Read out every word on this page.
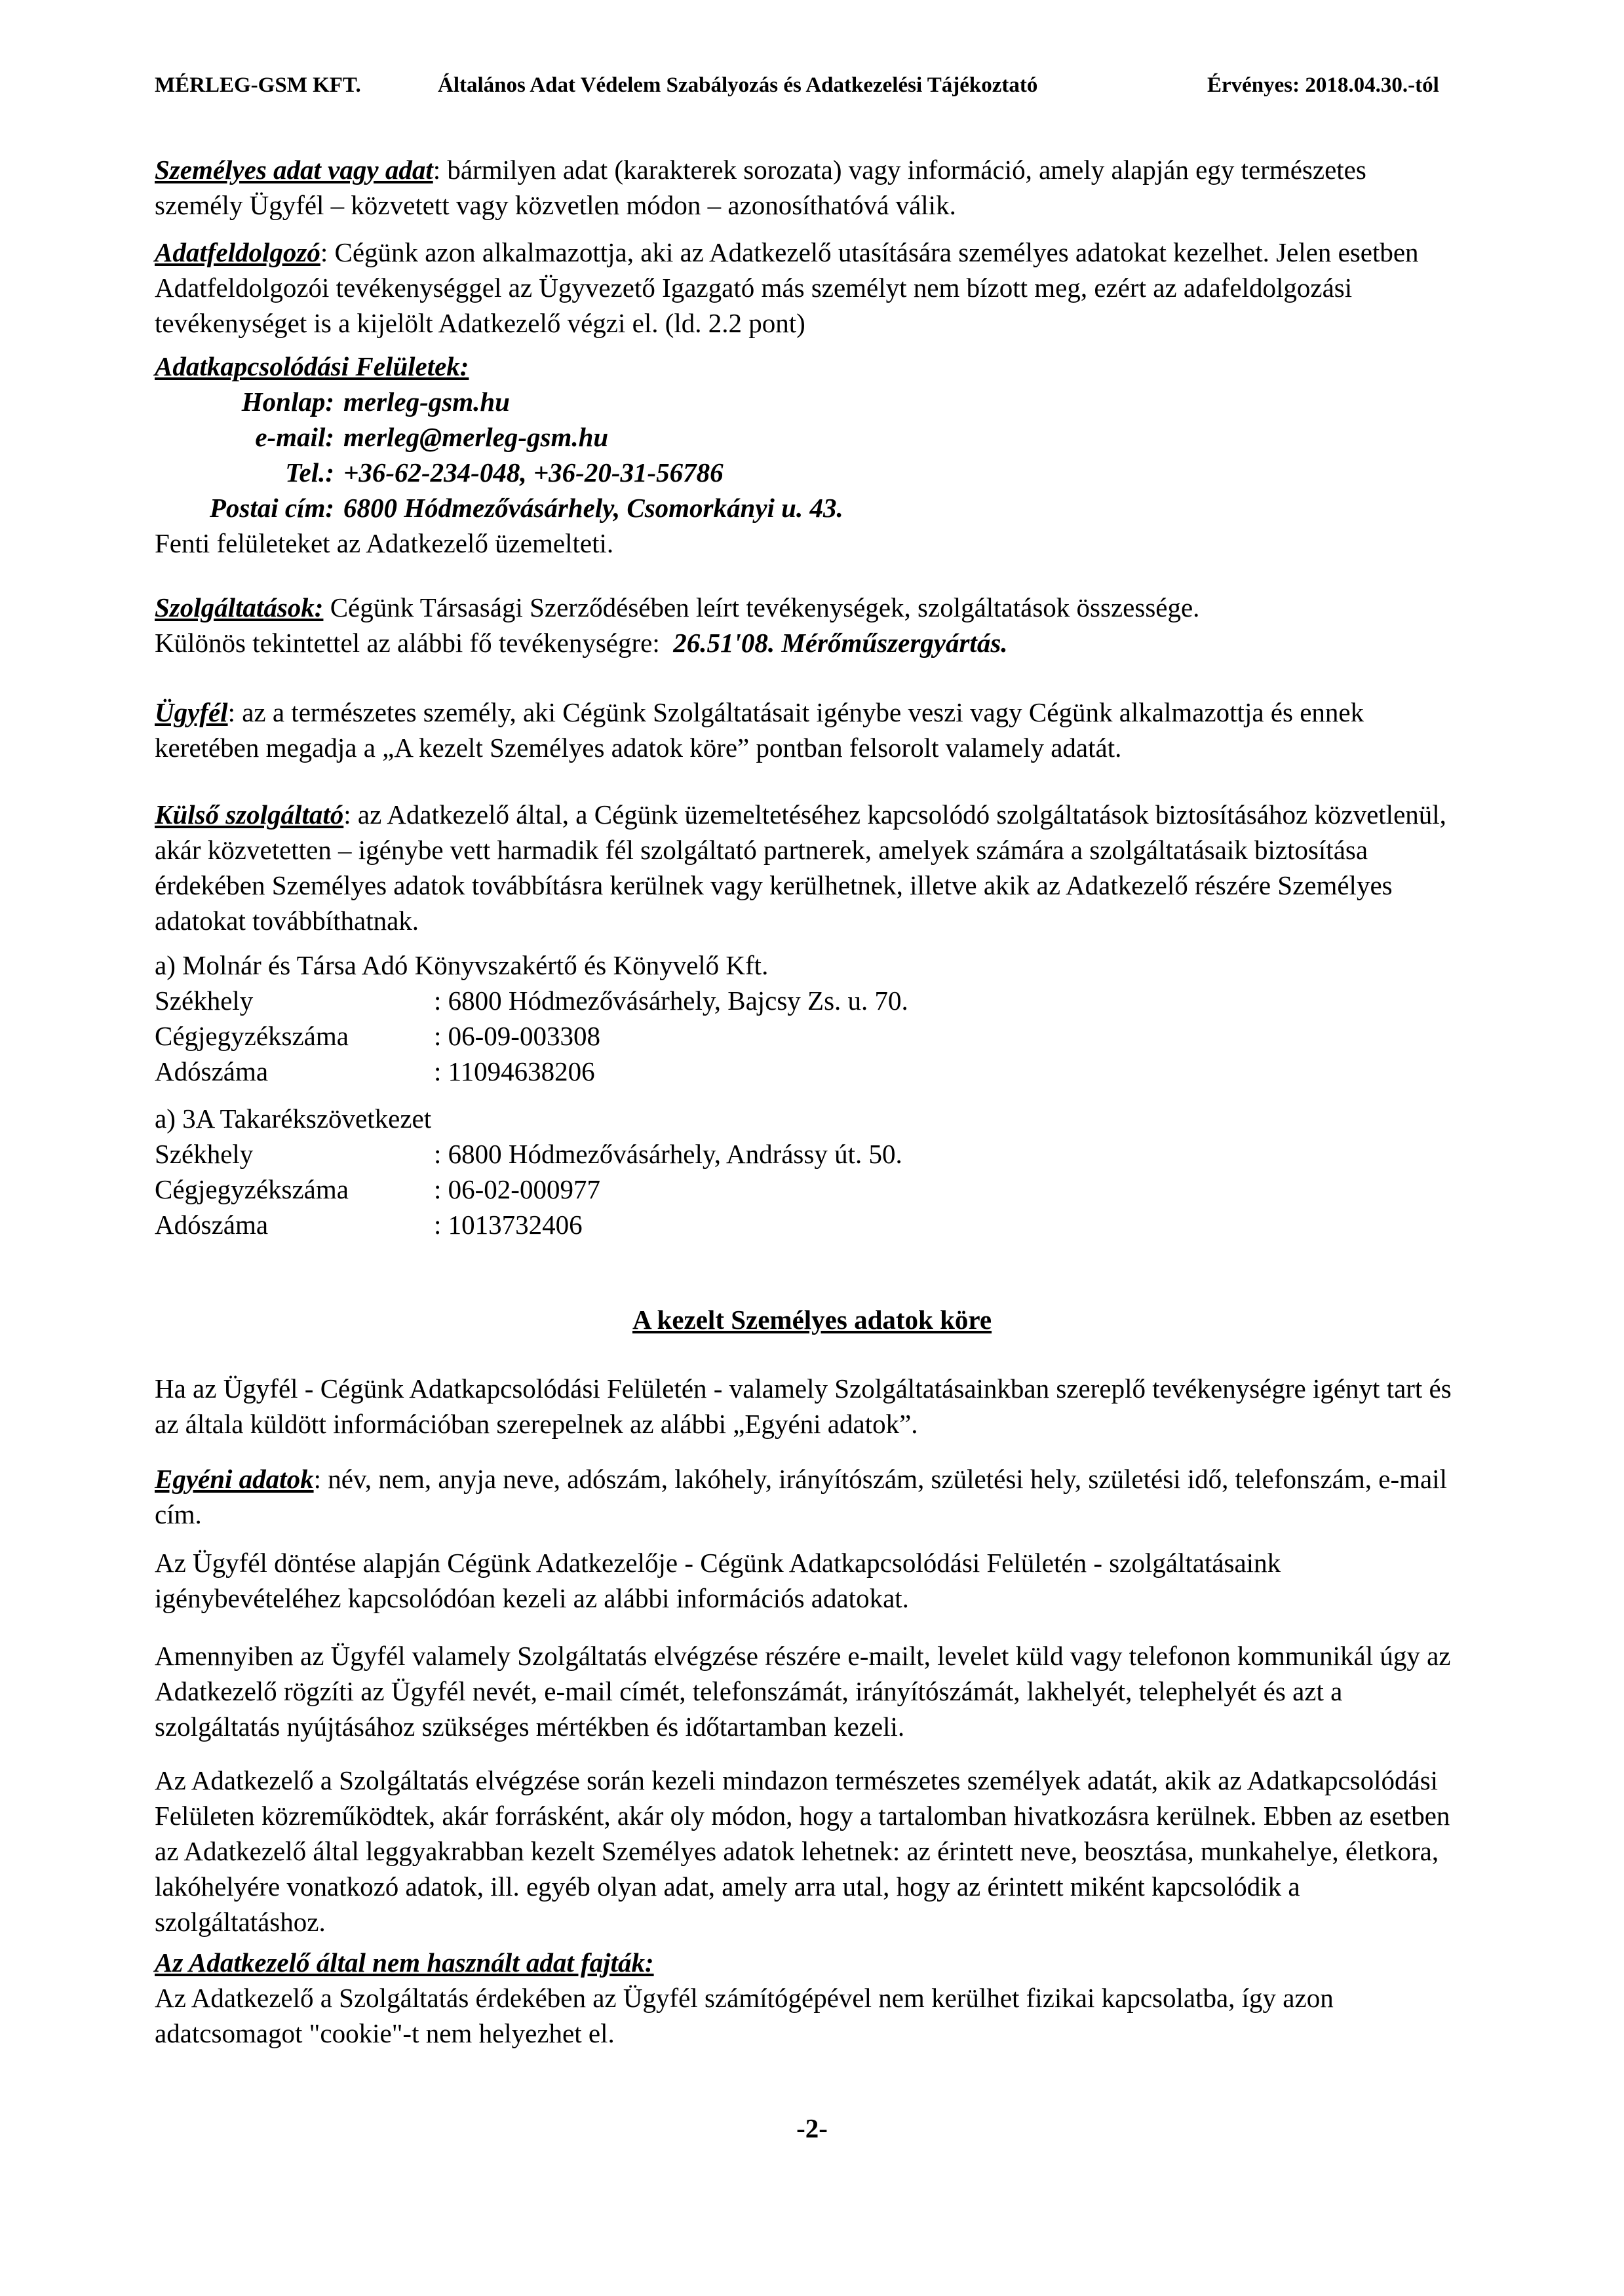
MÉRLEG-GSM KFT.	Általános Adat Védelem Szabályozás és Adatkezelési Tájékoztató	Érvényes: 2018.04.30.-tól

Személyes adat vagy adat: bármilyen adat (karakterek sorozata) vagy információ, amely alapján egy természetes személy Ügyfél – közvetett vagy közvetlen módon – azonosíthatóvá válik.

Adatfeldolgozó: Cégünk azon alkalmazottja, aki az Adatkezelő utasítására személyes adatokat kezelhet. Jelen esetben Adatfeldolgozói tevékenységgel az Ügyvezető Igazgató más személyt nem bízott meg, ezért az adafeldolgozási tevékenységet is a kijelölt Adatkezelő végzi el. (ld. 2.2 pont)

Adatkapcsolódási Felületek:

Honlap: merleg-gsm.hu
e-mail: merleg@merleg-gsm.hu
Tel.: +36-62-234-048, +36-20-31-56786
Postai cím: 6800 Hódmezővásárhely, Csomorkányi u. 43.

Fenti felületeket az Adatkezelő üzemelteti.

Szolgáltatások: Cégünk Társasági Szerződésében leírt tevékenységek, szolgáltatások összessége.

Különös tekintettel az alábbi fő tevékenységre: 26.51'08. Mérőműszergyártás.

Ügyfél: az a természetes személy, aki Cégünk Szolgáltatásait igénybe veszi vagy Cégünk alkalmazottja és ennek keretében megadja a „A kezelt Személyes adatok köre” pontban felsorolt valamely adatát.

Külső szolgáltató: az Adatkezelő által, a Cégünk üzemeltetéséhez kapcsolódó szolgáltatások biztosításához közvetlenül, akár közvetetten – igénybe vett harmadik fél szolgáltató partnerek, amelyek számára a szolgáltatásaik biztosítása érdekében Személyes adatok továbbításra kerülnek vagy kerülhetnek, illetve akik az Adatkezelő részére Személyes adatokat továbbíthatnak.

a) Molnár és Társa Adó Könyvszakértő és Könyvelő Kft.
Székhely	: 6800 Hódmezővásárhely, Bajcsy Zs. u. 70.
Cégjegyzékszáma	: 06-09-003308
Adószáma	: 11094638206
a) 3A Takarékszövetkezet
Székhely	: 6800 Hódmezővásárhely, Andrássy út. 50.
Cégjegyzékszáma	: 06-02-000977
Adószáma	: 1013732406
A kezelt Személyes adatok köre

Ha az Ügyfél - Cégünk Adatkapcsolódási Felületén - valamely Szolgáltatásainkban szereplő tevékenységre igényt tart és az általa küldött információban szerepelnek az alábbi „Egyéni adatok”.

Egyéni adatok: név, nem, anyja neve, adószám, lakóhely, irányítószám, születési hely, születési idő, telefonszám, e-mail cím.

Az Ügyfél döntése alapján Cégünk Adatkezelője - Cégünk Adatkapcsolódási Felületén - szolgáltatásaink igénybevételéhez kapcsolódóan kezeli az alábbi információs adatokat.

Amennyiben az Ügyfél valamely Szolgáltatás elvégzése részére e-mailt, levelet küld vagy telefonon kommunikál úgy az Adatkezelő rögzíti az Ügyfél nevét, e-mail címét, telefonszámát, irányítószámát, lakhelyét, telephelyét és azt a szolgáltatás nyújtásához szükséges mértékben és időtartamban kezeli.

Az Adatkezelő a Szolgáltatás elvégzése során kezeli mindazon természetes személyek adatát, akik az Adatkapcsolódási Felületen közreműködtek, akár forrásként, akár oly módon, hogy a tartalomban hivatkozásra kerülnek. Ebben az esetben az Adatkezelő által leggyakrabban kezelt Személyes adatok lehetnek: az érintett neve, beosztása, munkahelye, életkora, lakóhelyére vonatkozó adatok, ill. egyéb olyan adat, amely arra utal, hogy az érintett miként kapcsolódik a szolgáltatáshoz.

Az Adatkezelő által nem használt adat fajták:

Az Adatkezelő a Szolgáltatás érdekében az Ügyfél számítógépével nem kerülhet fizikai kapcsolatba, így azon adatcsomagot "cookie"-t nem helyezhet el.

-2-
